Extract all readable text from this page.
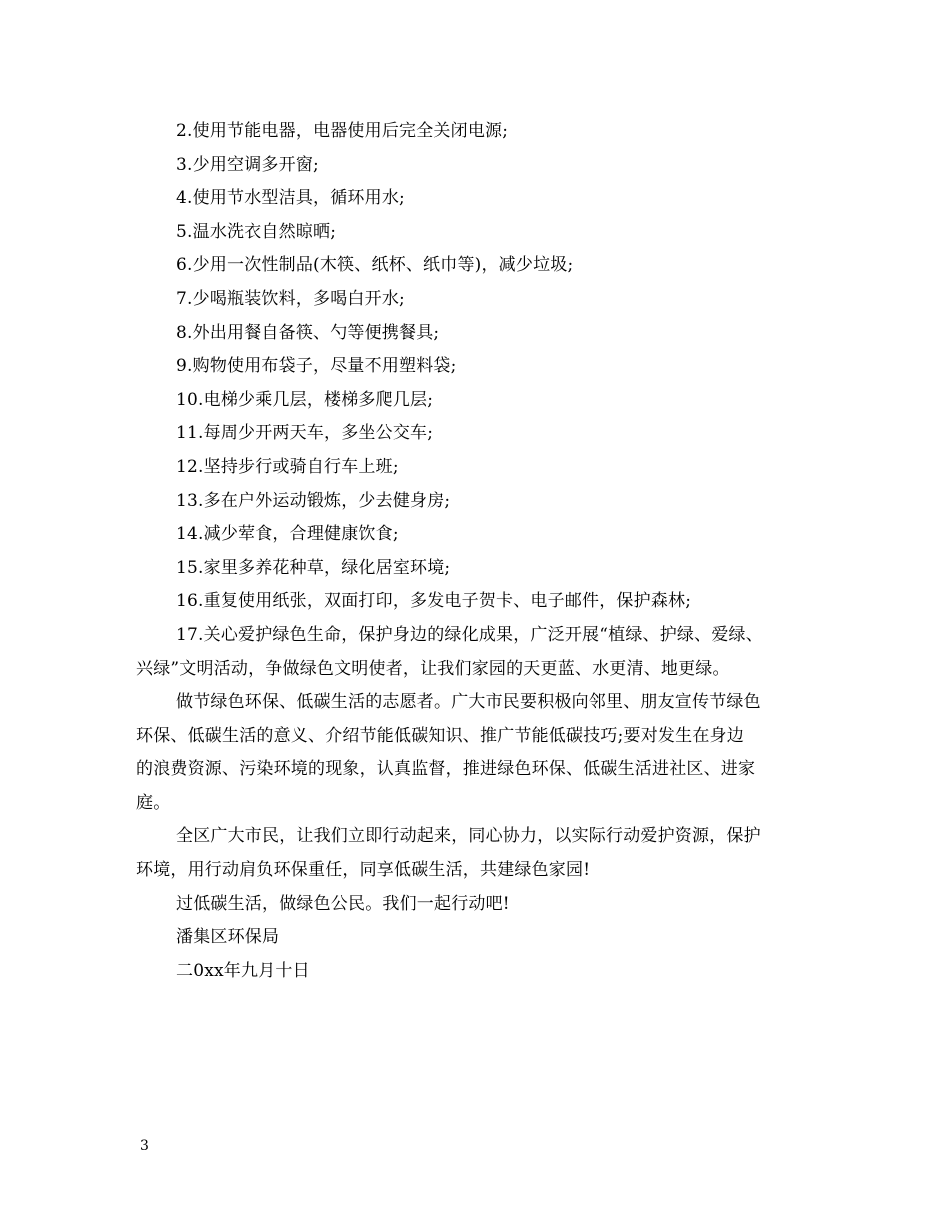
2.使用节能电器，电器使用后完全关闭电源;
3.少用空调多开窗;
4.使用节水型洁具，循环用水;
5.温水洗衣自然晾晒;
6.少用一次性制品(木筷、纸杯、纸巾等)，减少垃圾;
7.少喝瓶装饮料，多喝白开水;
8.外出用餐自备筷、勺等便携餐具;
9.购物使用布袋子，尽量不用塑料袋;
10.电梯少乘几层，楼梯多爬几层;
11.每周少开两天车，多坐公交车;
12.坚持步行或骑自行车上班;
13.多在户外运动锻炼，少去健身房;
14.减少荤食，合理健康饮食;
15.家里多养花种草，绿化居室环境;
16.重复使用纸张，双面打印，多发电子贺卡、电子邮件，保护森林;
17.关心爱护绿色生命，保护身边的绿化成果，广泛开展“植绿、护绿、爱绿、
兴绿”文明活动，争做绿色文明使者，让我们家园的天更蓝、水更清、地更绿。
做节绿色环保、低碳生活的志愿者。广大市民要积极向邻里、朋友宣传节绿色
环保、低碳生活的意义、介绍节能低碳知识、推广节能低碳技巧;要对发生在身边
的浪费资源、污染环境的现象，认真监督，推进绿色环保、低碳生活进社区、进家
庭。
全区广大市民，让我们立即行动起来，同心协力，以实际行动爱护资源，保护
环境，用行动肩负环保重任，同享低碳生活，共建绿色家园!
过低碳生活，做绿色公民。我们一起行动吧!
潘集区环保局
二0xx年九月十日
3
